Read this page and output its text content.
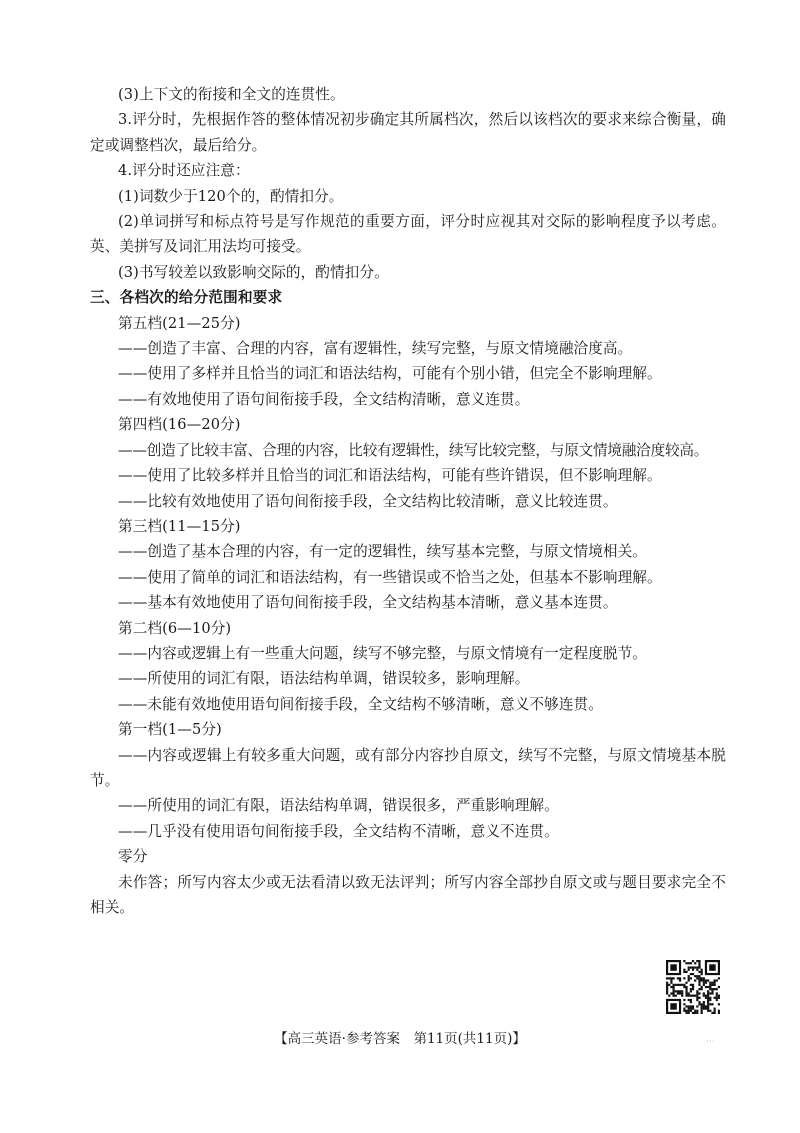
(3)上下文的衔接和全文的连贯性。
3.评分时，先根据作答的整体情况初步确定其所属档次，然后以该档次的要求来综合衡量，确定或调整档次，最后给分。
4.评分时还应注意：
(1)词数少于120个的，酌情扣分。
(2)单词拼写和标点符号是写作规范的重要方面，评分时应视其对交际的影响程度予以考虑。英、美拼写及词汇用法均可接受。
(3)书写较差以致影响交际的，酌情扣分。
三、各档次的给分范围和要求
第五档(21—25分)
——创造了丰富、合理的内容，富有逻辑性，续写完整，与原文情境融洽度高。
——使用了多样并且恰当的词汇和语法结构，可能有个别小错，但完全不影响理解。
——有效地使用了语句间衔接手段，全文结构清晰，意义连贯。
第四档(16—20分)
——创造了比较丰富、合理的内容，比较有逻辑性，续写比较完整，与原文情境融洽度较高。
——使用了比较多样并且恰当的词汇和语法结构，可能有些许错误，但不影响理解。
——比较有效地使用了语句间衔接手段，全文结构比较清晰，意义比较连贯。
第三档(11—15分)
——创造了基本合理的内容，有一定的逻辑性，续写基本完整，与原文情境相关。
——使用了简单的词汇和语法结构，有一些错误或不恰当之处，但基本不影响理解。
——基本有效地使用了语句间衔接手段，全文结构基本清晰，意义基本连贯。
第二档(6—10分)
——内容或逻辑上有一些重大问题，续写不够完整，与原文情境有一定程度脱节。
——所使用的词汇有限，语法结构单调，错误较多，影响理解。
——未能有效地使用语句间衔接手段，全文结构不够清晰，意义不够连贯。
第一档(1—5分)
——内容或逻辑上有较多重大问题，或有部分内容抄自原文，续写不完整，与原文情境基本脱节。
——所使用的词汇有限，语法结构单调，错误很多，严重影响理解。
——几乎没有使用语句间衔接手段，全文结构不清晰，意义不连贯。
零分
未作答；所写内容太少或无法看清以致无法评判；所写内容全部抄自原文或与题目要求完全不相关。
【高三英语·参考答案　第11页(共11页)】	···
